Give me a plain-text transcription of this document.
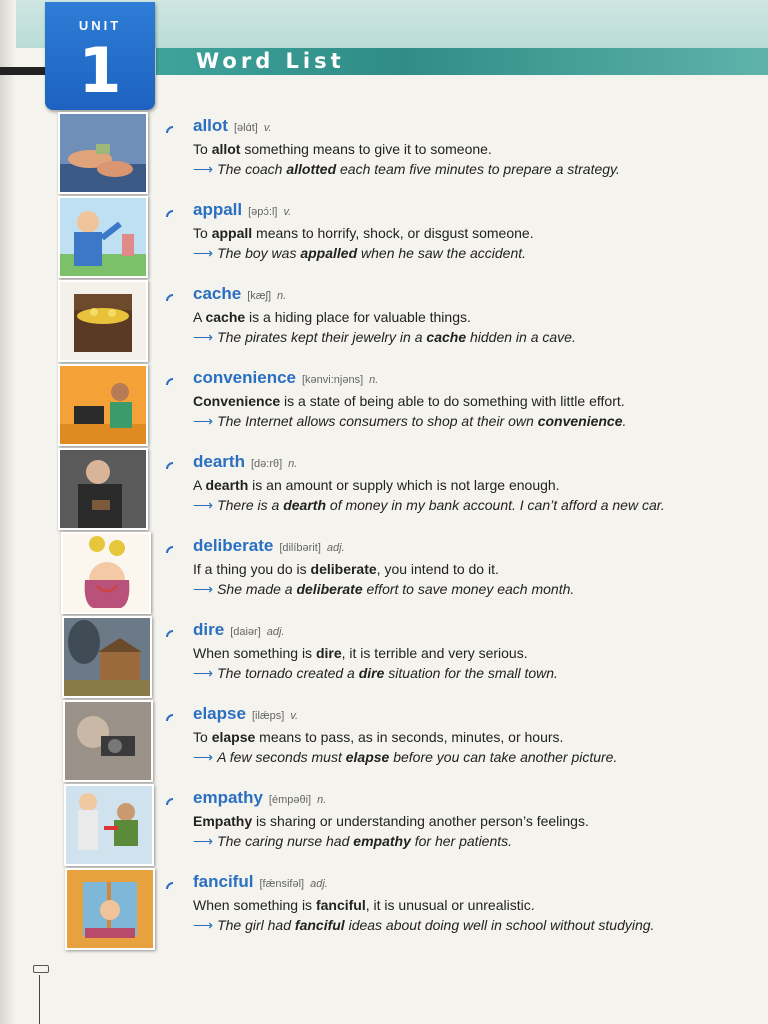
Word List
UNIT
1
allot [əlɑ́t] v.
To allot something means to give it to someone.
⟶ The coach allotted each team five minutes to prepare a strategy.
appall [əpɔ́:l] v.
To appall means to horrify, shock, or disgust someone.
⟶ The boy was appalled when he saw the accident.
cache [kæʃ] n.
A cache is a hiding place for valuable things.
⟶ The pirates kept their jewelry in a cache hidden in a cave.
convenience [kənvi:njəns] n.
Convenience is a state of being able to do something with little effort.
⟶ The Internet allows consumers to shop at their own convenience.
dearth [də:rθ] n.
A dearth is an amount or supply which is not large enough.
⟶ There is a dearth of money in my bank account. I can’t afford a new car.
deliberate [dilíbərit] adj.
If a thing you do is deliberate, you intend to do it.
⟶ She made a deliberate effort to save money each month.
dire [daiər] adj.
When something is dire, it is terrible and very serious.
⟶ The tornado created a dire situation for the small town.
elapse [ilǽps] v.
To elapse means to pass, as in seconds, minutes, or hours.
⟶ A few seconds must elapse before you can take another picture.
empathy [émpəθi] n.
Empathy is sharing or understanding another person’s feelings.
⟶ The caring nurse had empathy for her patients.
fanciful [fǽnsifəl] adj.
When something is fanciful, it is unusual or unrealistic.
⟶ The girl had fanciful ideas about doing well in school without studying.
